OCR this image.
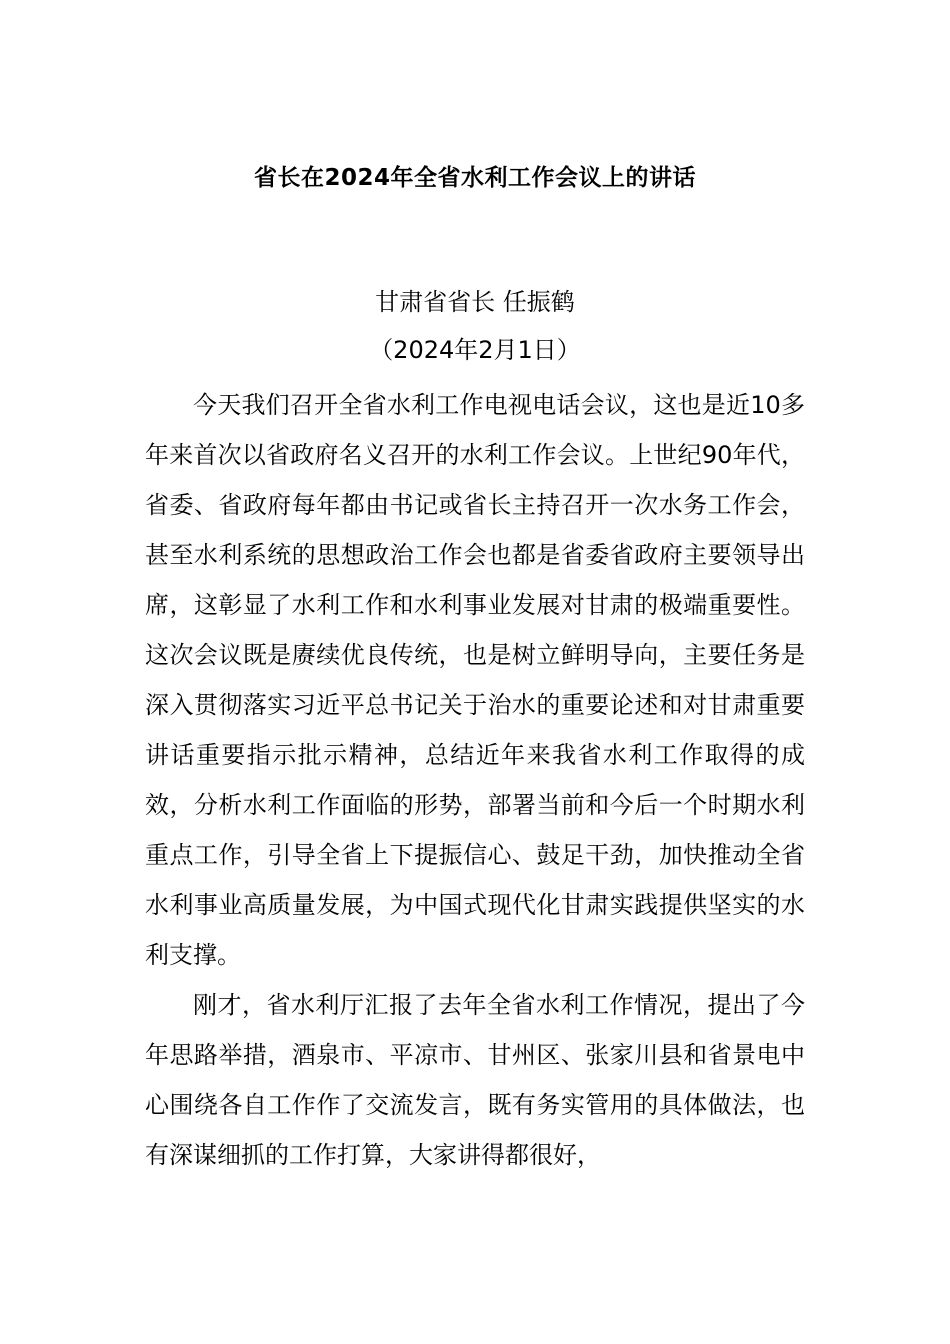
省长在2024年全省水利工作会议上的讲话
甘肃省省长 任振鹤
（2024年2月1日）

今天我们召开全省水利工作电视电话会议，这也是近10多年来首次以省政府名义召开的水利工作会议。上世纪90年代，省委、省政府每年都由书记或省长主持召开一次水务工作会，甚至水利系统的思想政治工作会也都是省委省政府主要领导出席，这彰显了水利工作和水利事业发展对甘肃的极端重要性。这次会议既是赓续优良传统，也是树立鲜明导向，主要任务是深入贯彻落实习近平总书记关于治水的重要论述和对甘肃重要讲话重要指示批示精神，总结近年来我省水利工作取得的成效，分析水利工作面临的形势，部署当前和今后一个时期水利重点工作，引导全省上下提振信心、鼓足干劲，加快推动全省水利事业高质量发展，为中国式现代化甘肃实践提供坚实的水利支撑。

刚才，省水利厅汇报了去年全省水利工作情况，提出了今年思路举措，酒泉市、平凉市、甘州区、张家川县和省景电中心围绕各自工作作了交流发言，既有务实管用的具体做法，也有深谋细抓的工作打算，大家讲得都很好，
